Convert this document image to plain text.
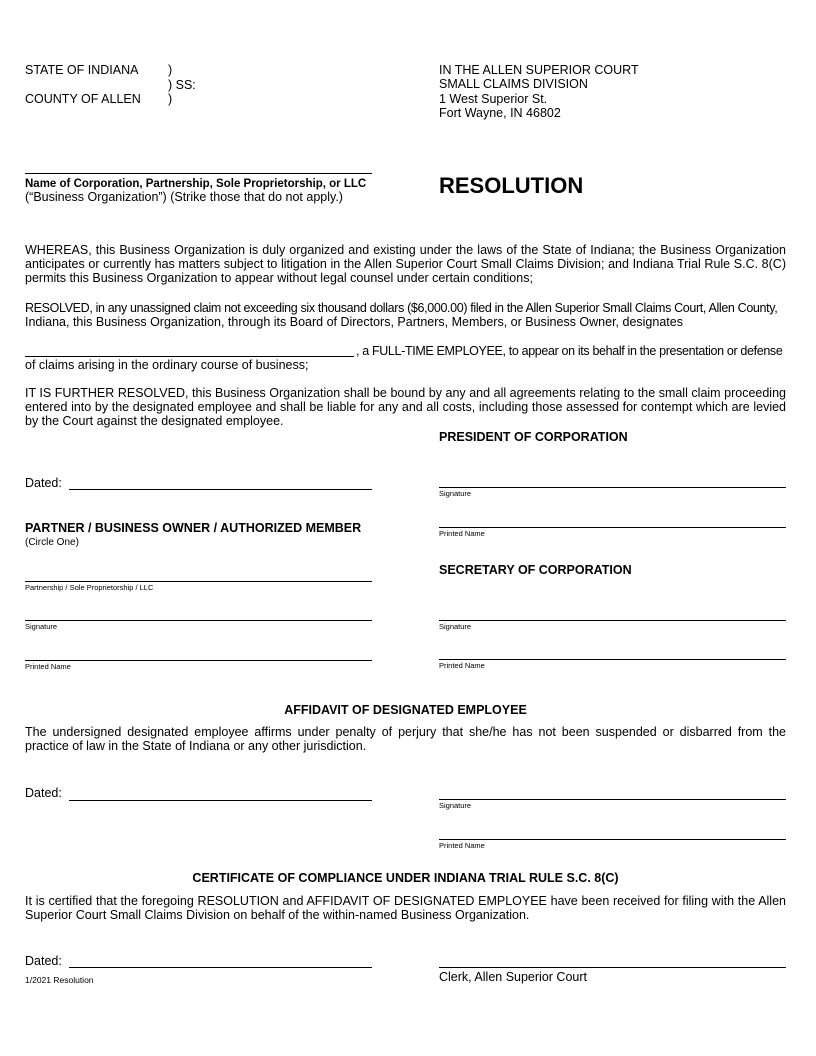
STATE OF INDIANA )
) SS:
COUNTY OF ALLEN )
IN THE ALLEN SUPERIOR COURT
SMALL CLAIMS DIVISION
1 West Superior St.
Fort Wayne, IN 46802
Name of Corporation, Partnership, Sole Proprietorship, or LLC
(“Business Organization”) (Strike those that do not apply.)	RESOLUTION
WHEREAS, this Business Organization is duly organized and existing under the laws of the State of Indiana; the Business Organization anticipates or currently has matters subject to litigation in the Allen Superior Court Small Claims Division; and Indiana Trial Rule S.C. 8(C) permits this Business Organization to appear without legal counsel under certain conditions;
RESOLVED, in any unassigned claim not exceeding six thousand dollars ($6,000.00) filed in the Allen Superior Small Claims Court, Allen County,
Indiana, this Business Organization, through its Board of Directors, Partners, Members, or Business Owner, designates
, a FULL-TIME EMPLOYEE, to appear on its behalf in the presentation or defense
of claims arising in the ordinary course of business;
IT IS FURTHER RESOLVED, this Business Organization shall be bound by any and all agreements relating to the small claim proceeding entered into by the designated employee and shall be liable for any and all costs, including those assessed for contempt which are levied by the Court against the designated employee.
PRESIDENT OF CORPORATION
Dated:
Signature
PARTNER / BUSINESS OWNER / AUTHORIZED MEMBER
(Circle One)
Printed Name
SECRETARY OF CORPORATION
Partnership / Sole Proprietorship / LLC
Signature	Signature
Printed Name	Printed Name
AFFIDAVIT OF DESIGNATED EMPLOYEE
The undersigned designated employee affirms under penalty of perjury that she/he has not been suspended or disbarred from the practice of law in the State of Indiana or any other jurisdiction.
Dated:
Signature
Printed Name
CERTIFICATE OF COMPLIANCE UNDER INDIANA TRIAL RULE S.C. 8(C)
It is certified that the foregoing RESOLUTION and AFFIDAVIT OF DESIGNATED EMPLOYEE have been received for filing with the Allen Superior Court Small Claims Division on behalf of the within-named Business Organization.
Dated:
Clerk, Allen Superior Court
1/2021 Resolution
